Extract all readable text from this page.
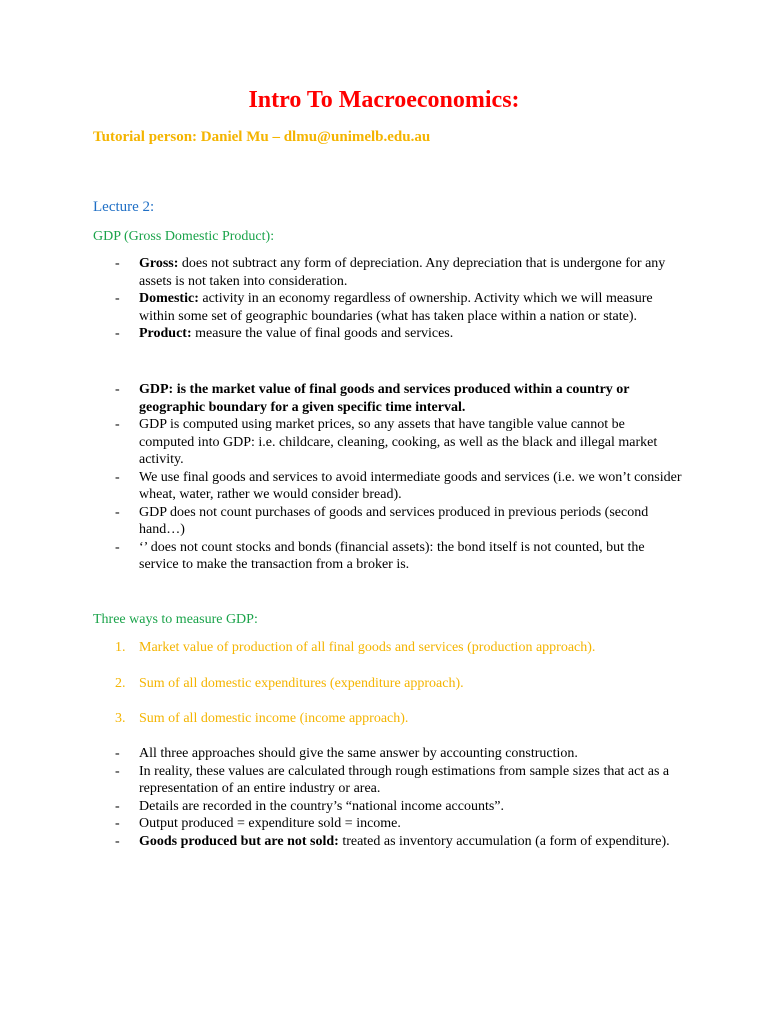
Intro To Macroeconomics:
Tutorial person: Daniel Mu – dlmu@unimelb.edu.au
Lecture 2:
GDP (Gross Domestic Product):
- Gross: does not subtract any form of depreciation. Any depreciation that is undergone for any assets is not taken into consideration.
- Domestic: activity in an economy regardless of ownership. Activity which we will measure within some set of geographic boundaries (what has taken place within a nation or state).
- Product: measure the value of final goods and services.
- GDP: is the market value of final goods and services produced within a country or geographic boundary for a given specific time interval.
- GDP is computed using market prices, so any assets that have tangible value cannot be computed into GDP: i.e. childcare, cleaning, cooking, as well as the black and illegal market activity.
- We use final goods and services to avoid intermediate goods and services (i.e. we won’t consider wheat, water, rather we would consider bread).
- GDP does not count purchases of goods and services produced in previous periods (second hand…)
- ‘’ does not count stocks and bonds (financial assets): the bond itself is not counted, but the service to make the transaction from a broker is.
Three ways to measure GDP:
1. Market value of production of all final goods and services (production approach).
2. Sum of all domestic expenditures (expenditure approach).
3. Sum of all domestic income (income approach).
- All three approaches should give the same answer by accounting construction.
- In reality, these values are calculated through rough estimations from sample sizes that act as a representation of an entire industry or area.
- Details are recorded in the country’s “national income accounts”.
- Output produced = expenditure sold = income.
- Goods produced but are not sold: treated as inventory accumulation (a form of expenditure).
